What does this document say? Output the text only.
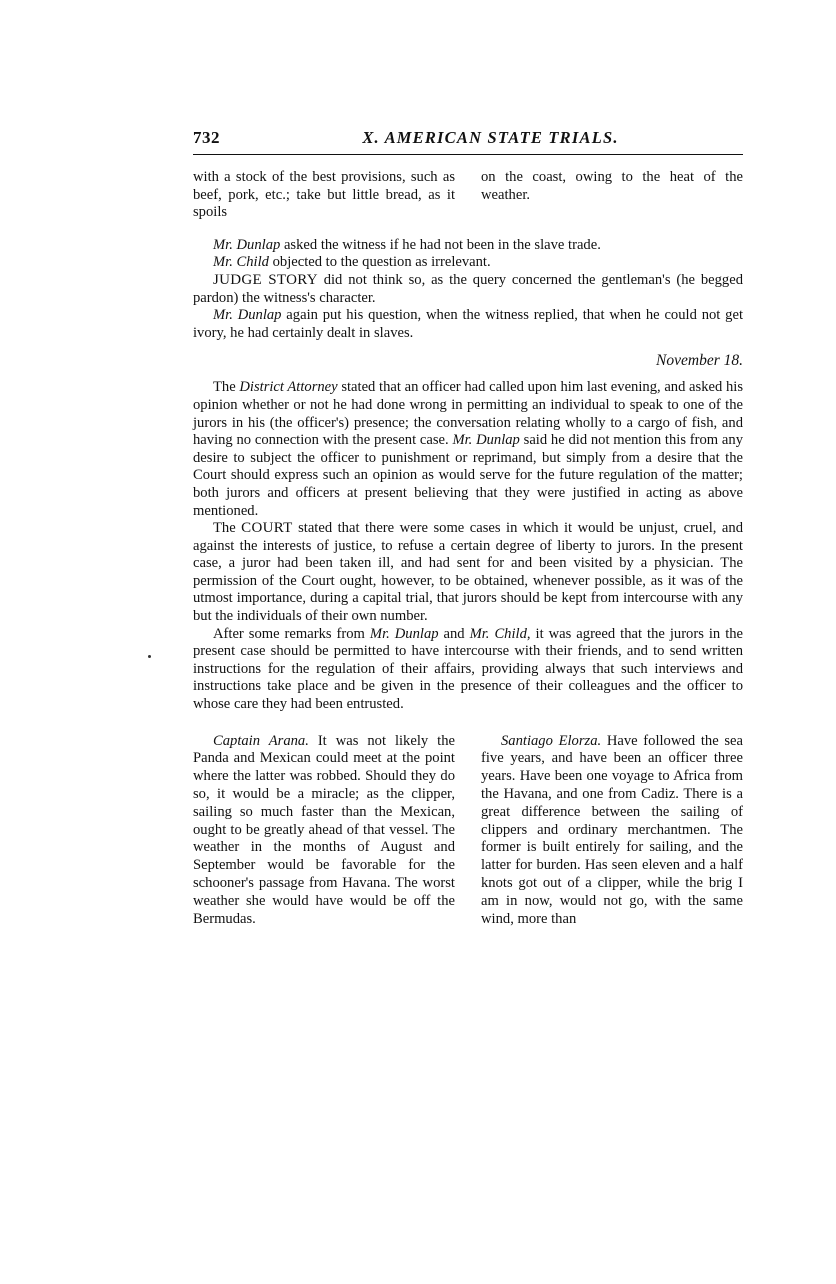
732	X. AMERICAN STATE TRIALS.

with a stock of the best provisions, such as beef, pork, etc.; take but little bread, as it spoils

on the coast, owing to the heat of the weather.

Mr. Dunlap asked the witness if he had not been in the slave trade.

Mr. Child objected to the question as irrelevant.

JUDGE STORY did not think so, as the query concerned the gentleman's (he begged pardon) the witness's character.

Mr. Dunlap again put his question, when the witness replied, that when he could not get ivory, he had certainly dealt in slaves.

November 18.

The District Attorney stated that an officer had called upon him last evening, and asked his opinion whether or not he had done wrong in permitting an individual to speak to one of the jurors in his (the officer's) presence; the conversation relating wholly to a cargo of fish, and having no connection with the present case. Mr. Dunlap said he did not mention this from any desire to subject the officer to punishment or reprimand, but simply from a desire that the Court should express such an opinion as would serve for the future regulation of the matter; both jurors and officers at present believing that they were justified in acting as above mentioned.

The COURT stated that there were some cases in which it would be unjust, cruel, and against the interests of justice, to refuse a certain degree of liberty to jurors. In the present case, a juror had been taken ill, and had sent for and been visited by a physician. The permission of the Court ought, however, to be obtained, whenever possible, as it was of the utmost importance, during a capital trial, that jurors should be kept from intercourse with any but the individuals of their own number.

After some remarks from Mr. Dunlap and Mr. Child, it was agreed that the jurors in the present case should be permitted to have intercourse with their friends, and to send written instructions for the regulation of their affairs, providing always that such interviews and instructions take place and be given in the presence of their colleagues and the officer to whose care they had been entrusted.

Captain Arana. It was not likely the Panda and Mexican could meet at the point where the latter was robbed. Should they do so, it would be a miracle; as the clipper, sailing so much faster than the Mexican, ought to be greatly ahead of that vessel. The weather in the months of August and September would be favorable for the schooner's passage from Havana. The worst weather she would have would be off the Bermudas.

Santiago Elorza. Have followed the sea five years, and have been an officer three years. Have been one voyage to Africa from the Havana, and one from Cadiz. There is a great difference between the sailing of clippers and ordinary merchantmen. The former is built entirely for sailing, and the latter for burden. Has seen eleven and a half knots got out of a clipper, while the brig I am in now, would not go, with the same wind, more than
